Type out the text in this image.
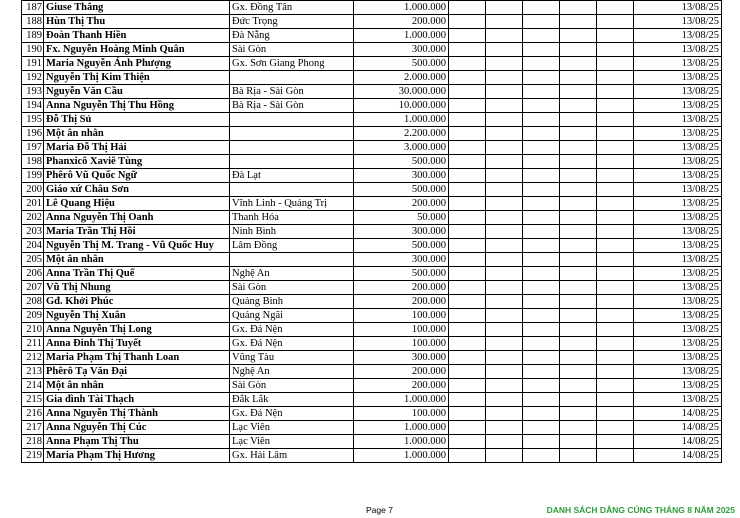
187	Giuse Thắng	Gx. Đồng Tân	1.000.000						13/08/25
188	Hùn Thị Thu	Đức Trọng	200.000						13/08/25
189	Đoàn Thanh Hiền	Đà Nẵng	1.000.000						13/08/25
190	Fx. Nguyễn Hoàng Minh Quân	Sài Gòn	300.000						13/08/25
191	Maria Nguyễn Ánh Phượng	Gx. Sơn Giang Phong	500.000						13/08/25
192	Nguyễn Thị Kim Thiện		2.000.000						13/08/25
193	Nguyễn Văn Cầu	Bà Rịa - Sài Gòn	30.000.000						13/08/25
194	Anna Nguyễn Thị Thu Hồng	Bà Rịa - Sài Gòn	10.000.000						13/08/25
195	Đỗ Thị Sủ		1.000.000						13/08/25
196	Một ân nhân		2.200.000						13/08/25
197	Maria Đỗ Thị Hải		3.000.000						13/08/25
198	Phanxicô Xaviê Tùng		500.000						13/08/25
199	Phêrô Vũ Quốc Ngữ	Đà Lạt	300.000						13/08/25
200	Giáo xứ Châu Sơn		500.000						13/08/25
201	Lê Quang Hiệu	Vĩnh Linh - Quảng Trị	200.000						13/08/25
202	Anna Nguyễn Thị Oanh	Thanh Hóa	50.000						13/08/25
203	Maria Trần Thị Hồi	Ninh Bình	300.000						13/08/25
204	Nguyễn Thị M. Trang - Vũ Quốc Huy	Lâm Đồng	500.000						13/08/25
205	Một ân nhân		300.000						13/08/25
206	Anna Trần Thị Quế	Nghệ An	500.000						13/08/25
207	Vũ Thị Nhung	Sài Gòn	200.000						13/08/25
208	Gđ. Khởi Phúc	Quảng Bình	200.000						13/08/25
209	Nguyễn Thị Xuân	Quảng Ngãi	100.000						13/08/25
210	Anna Nguyễn Thị Long	Gx. Đá Nện	100.000						13/08/25
211	Anna Đinh Thị Tuyết	Gx. Đá Nện	100.000						13/08/25
212	Maria Phạm Thị Thanh Loan	Vũng Tàu	300.000						13/08/25
213	Phêrô Tạ Văn Đại	Nghệ An	200.000						13/08/25
214	Một ân nhân	Sài Gòn	200.000						13/08/25
215	Gia đình Tài Thạch	Đắk Lắk	1.000.000						13/08/25
216	Anna Nguyễn Thị Thành	Gx. Đá Nện	100.000						14/08/25
217	Anna Nguyễn Thị Cúc	Lạc Viên	1.000.000						14/08/25
218	Anna Phạm Thị Thu	Lạc Viên	1.000.000						14/08/25
219	Maria Phạm Thị Hương	Gx. Hải Lâm	1.000.000						14/08/25
Page 7	DANH SÁCH DÂNG CÚNG THÁNG 8 NĂM 2025
